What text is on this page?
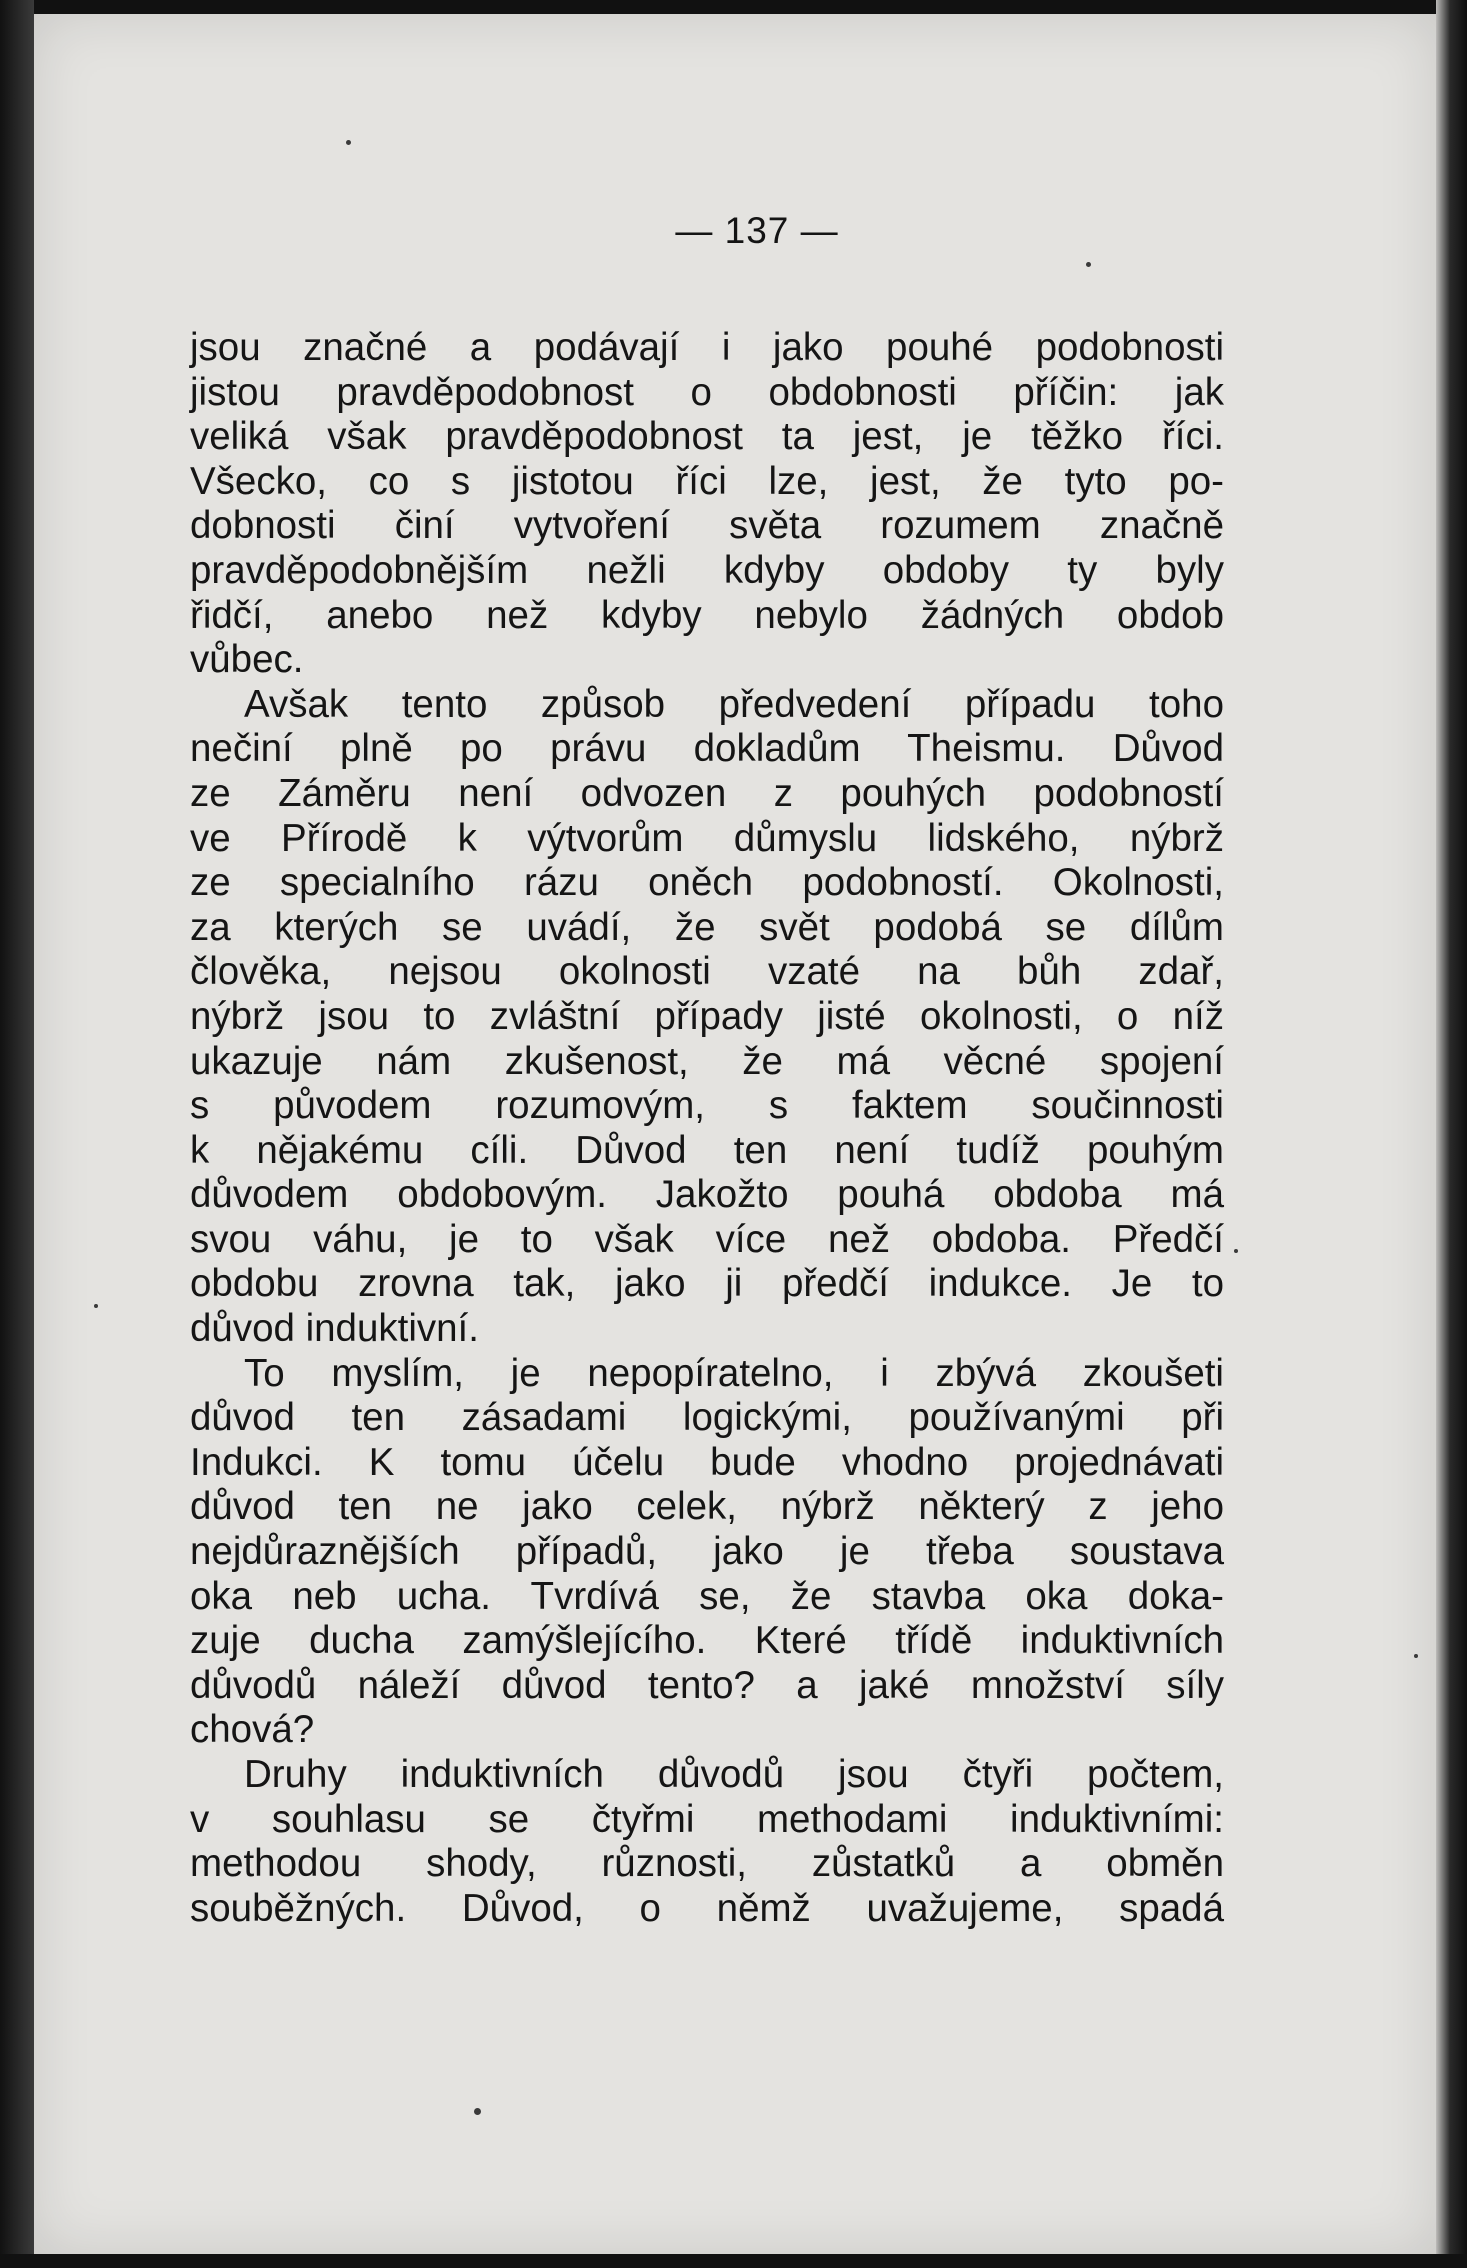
— 137 —
jsou značné a podávají i jako pouhé podobnosti
jistou pravděpodobnost o obdobnosti příčin: jak
veliká však pravděpodobnost ta jest, je těžko říci.
Všecko, co s jistotou říci lze, jest, že tyto po-
dobnosti činí vytvoření světa rozumem značně
pravděpodobnějším nežli kdyby obdoby ty byly
řidčí, anebo než kdyby nebylo žádných obdob
vůbec.
Avšak tento způsob předvedení případu toho
nečiní plně po právu dokladům Theismu. Důvod
ze Záměru není odvozen z pouhých podobností
ve Přírodě k výtvorům důmyslu lidského, nýbrž
ze specialního rázu oněch podobností. Okolnosti,
za kterých se uvádí, že svět podobá se dílům
člověka, nejsou okolnosti vzaté na bůh zdař,
nýbrž jsou to zvláštní případy jisté okolnosti, o níž
ukazuje nám zkušenost, že má věcné spojení
s původem rozumovým, s faktem součinnosti
k nějakému cíli. Důvod ten není tudíž pouhým
důvodem obdobovým. Jakožto pouhá obdoba má
svou váhu, je to však více než obdoba. Předčí
obdobu zrovna tak, jako ji předčí indukce. Je to
důvod induktivní.
To myslím, je nepopíratelno, i zbývá zkoušeti
důvod ten zásadami logickými, používanými při
Indukci. K tomu účelu bude vhodno projednávati
důvod ten ne jako celek, nýbrž některý z jeho
nejdůraznějších případů, jako je třeba soustava
oka neb ucha. Tvrdívá se, že stavba oka doka-
zuje ducha zamýšlejícího. Které třídě induktivních
důvodů náleží důvod tento? a jaké množství síly
chová?
Druhy induktivních důvodů jsou čtyři počtem,
v souhlasu se čtyřmi methodami induktivními:
methodou shody, různosti, zůstatků a obměn
souběžných. Důvod, o němž uvažujeme, spadá
